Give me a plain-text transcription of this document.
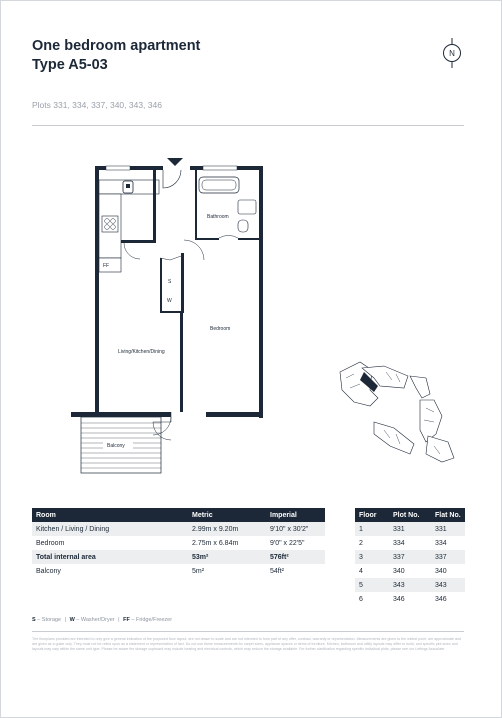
One bedroom apartment
Type A5-03
N
Plots 331, 334, 337, 340, 343, 346
Bathroom
FF
S
W
Bedroom
Living/Kitchen/Dining
Balcony
Room	Metric	Imperial
Kitchen / Living / Dining	2.99m x 9.20m	9'10" x 30'2"
Bedroom	2.75m x 6.84m	9'0" x 22'5"
Total internal area	53m²	576ft²
Balcony	5m²	54ft²
Floor	Plot No.	Flat No.
1	331	331
2	334	334
3	337	337
4	340	340
5	343	343
6	346	346
S – Storage | W – Washer/Dryer | FF – Fridge/Freezer
The floorplans provided are intended to only give a general indication of the proposed floor layout, are not drawn to scale and are not intended to form part of any offer, contract, warranty or representation. Measurements are given to the widest point, are approximate and are given as a guide only. They must not be relied upon as a statement or representation of fact. Do not use these measurements for carpet sizes, appliance spaces or items of furniture. Kitchen, bathroom and utility layouts may differ to build, and specific plot sizes and layouts may vary within the same unit type. Please be aware the storage cupboard may include heating and electrical controls, which may reduce the storage available. For further clarification regarding specific individual plots, please see our Lettings Associate.
